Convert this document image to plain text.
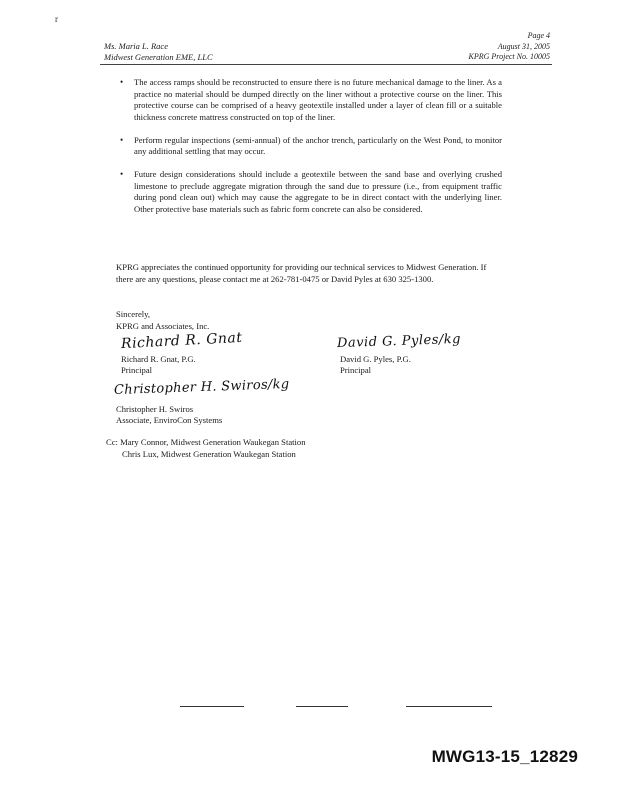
r
Ms. Maria L. Race
Midwest Generation EME, LLC
Page 4
August 31, 2005
KPRG Project No. 10005
• The access ramps should be reconstructed to ensure there is no future mechanical damage to the liner. As a practice no material should be dumped directly on the liner without a protective course on the liner. This protective course can be comprised of a heavy geotextile installed under a layer of clean fill or a suitable thickness concrete mattress constructed on top of the liner.
• Perform regular inspections (semi-annual) of the anchor trench, particularly on the West Pond, to monitor any additional settling that may occur.
• Future design considerations should include a geotextile between the sand base and overlying crushed limestone to preclude aggregate migration through the sand due to pressure (i.e., from equipment traffic during pond clean out) which may cause the aggregate to be in direct contact with the underlying liner. Other protective base materials such as fabric form concrete can also be considered.
KPRG appreciates the continued opportunity for providing our technical services to Midwest Generation. If there are any questions, please contact me at 262-781-0475 or David Pyles at 630 325-1300.
Sincerely,
KPRG and Associates, Inc.
Richard R. Gnat
Richard R. Gnat, P.G.
Principal
David G. Pyles/kg
David G. Pyles, P.G.
Principal
Christopher H. Swiros/kg
Christopher H. Swiros
Associate, EnviroCon Systems
Cc: Mary Connor, Midwest Generation Waukegan Station
Chris Lux, Midwest Generation Waukegan Station
MWG13-15_12829
